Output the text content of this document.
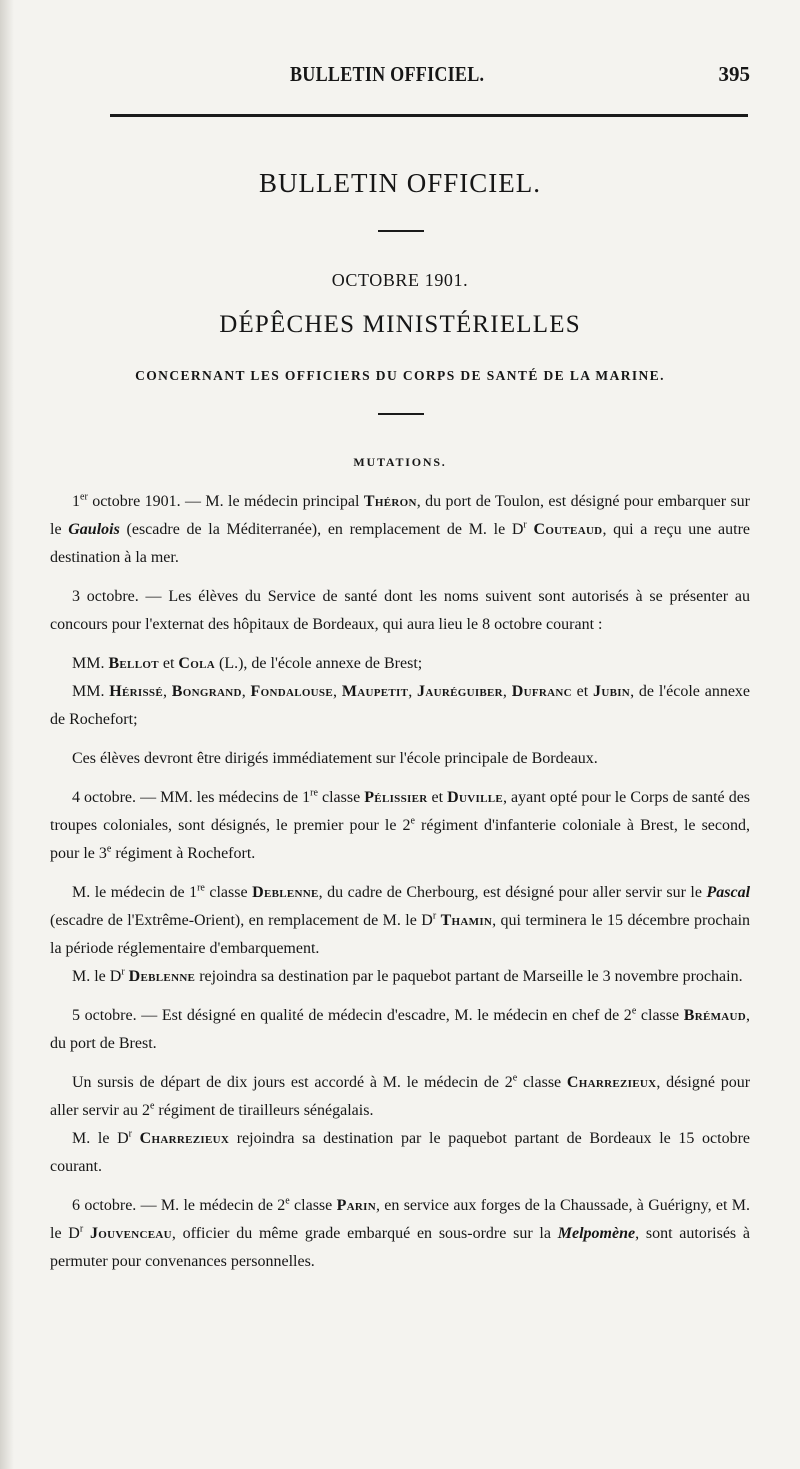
BULLETIN OFFICIEL.	395
BULLETIN OFFICIEL.
OCTOBRE 1901.
DÉPÊCHES MINISTÉRIELLES
CONCERNANT LES OFFICIERS DU CORPS DE SANTÉ DE LA MARINE.
MUTATIONS.

1er octobre 1901. — M. le médecin principal Théron, du port de Toulon, est désigné pour embarquer sur le Gaulois (escadre de la Méditerranée), en remplacement de M. le $D^r$ Couteaud, qui a reçu une autre destination à la mer.

3 octobre. — Les élèves du Service de santé dont les noms suivent sont autorisés à se présenter au concours pour l'externat des hôpitaux de Bordeaux, qui aura lieu le 8 octobre courant :

MM. Bellot et Cola (L.), de l'école annexe de Brest;

MM. Hérissé, Bongrand, Fondalouse, Maupetit, Jauréguiber, Dufranc et Jubin, de l'école annexe de Rochefort;

Ces élèves devront être dirigés immédiatement sur l'école principale de Bordeaux.

4 octobre. — MM. les médecins de 1re classe Pélissier et Duville, ayant opté pour le Corps de santé des troupes coloniales, sont désignés, le premier pour le 2e régiment d'infanterie coloniale à Brest, le second, pour le 3e régiment à Rochefort.

M. le médecin de 1re classe Deblenne, du cadre de Cherbourg, est désigné pour aller servir sur le Pascal (escadre de l'Extrême-Orient), en remplacement de M. le $D^r$ Thamin, qui terminera le 15 décembre prochain la période réglementaire d'embarquement.

M. le $D^r$ Deblenne rejoindra sa destination par le paquebot partant de Marseille le 3 novembre prochain.

5 octobre. — Est désigné en qualité de médecin d'escadre, M. le médecin en chef de 2e classe Brémaud, du port de Brest.

Un sursis de départ de dix jours est accordé à M. le médecin de 2e classe Charrezieux, désigné pour aller servir au 2e régiment de tirailleurs sénégalais.

M. le $D^r$ Charrezieux rejoindra sa destination par le paquebot partant de Bordeaux le 15 octobre courant.

6 octobre. — M. le médecin de 2e classe Parin, en service aux forges de la Chaussade, à Guérigny, et M. le $D^r$ Jouvenceau, officier du même grade embarqué en sous-ordre sur la Melpomène, sont autorisés à permuter pour convenances personnelles.
